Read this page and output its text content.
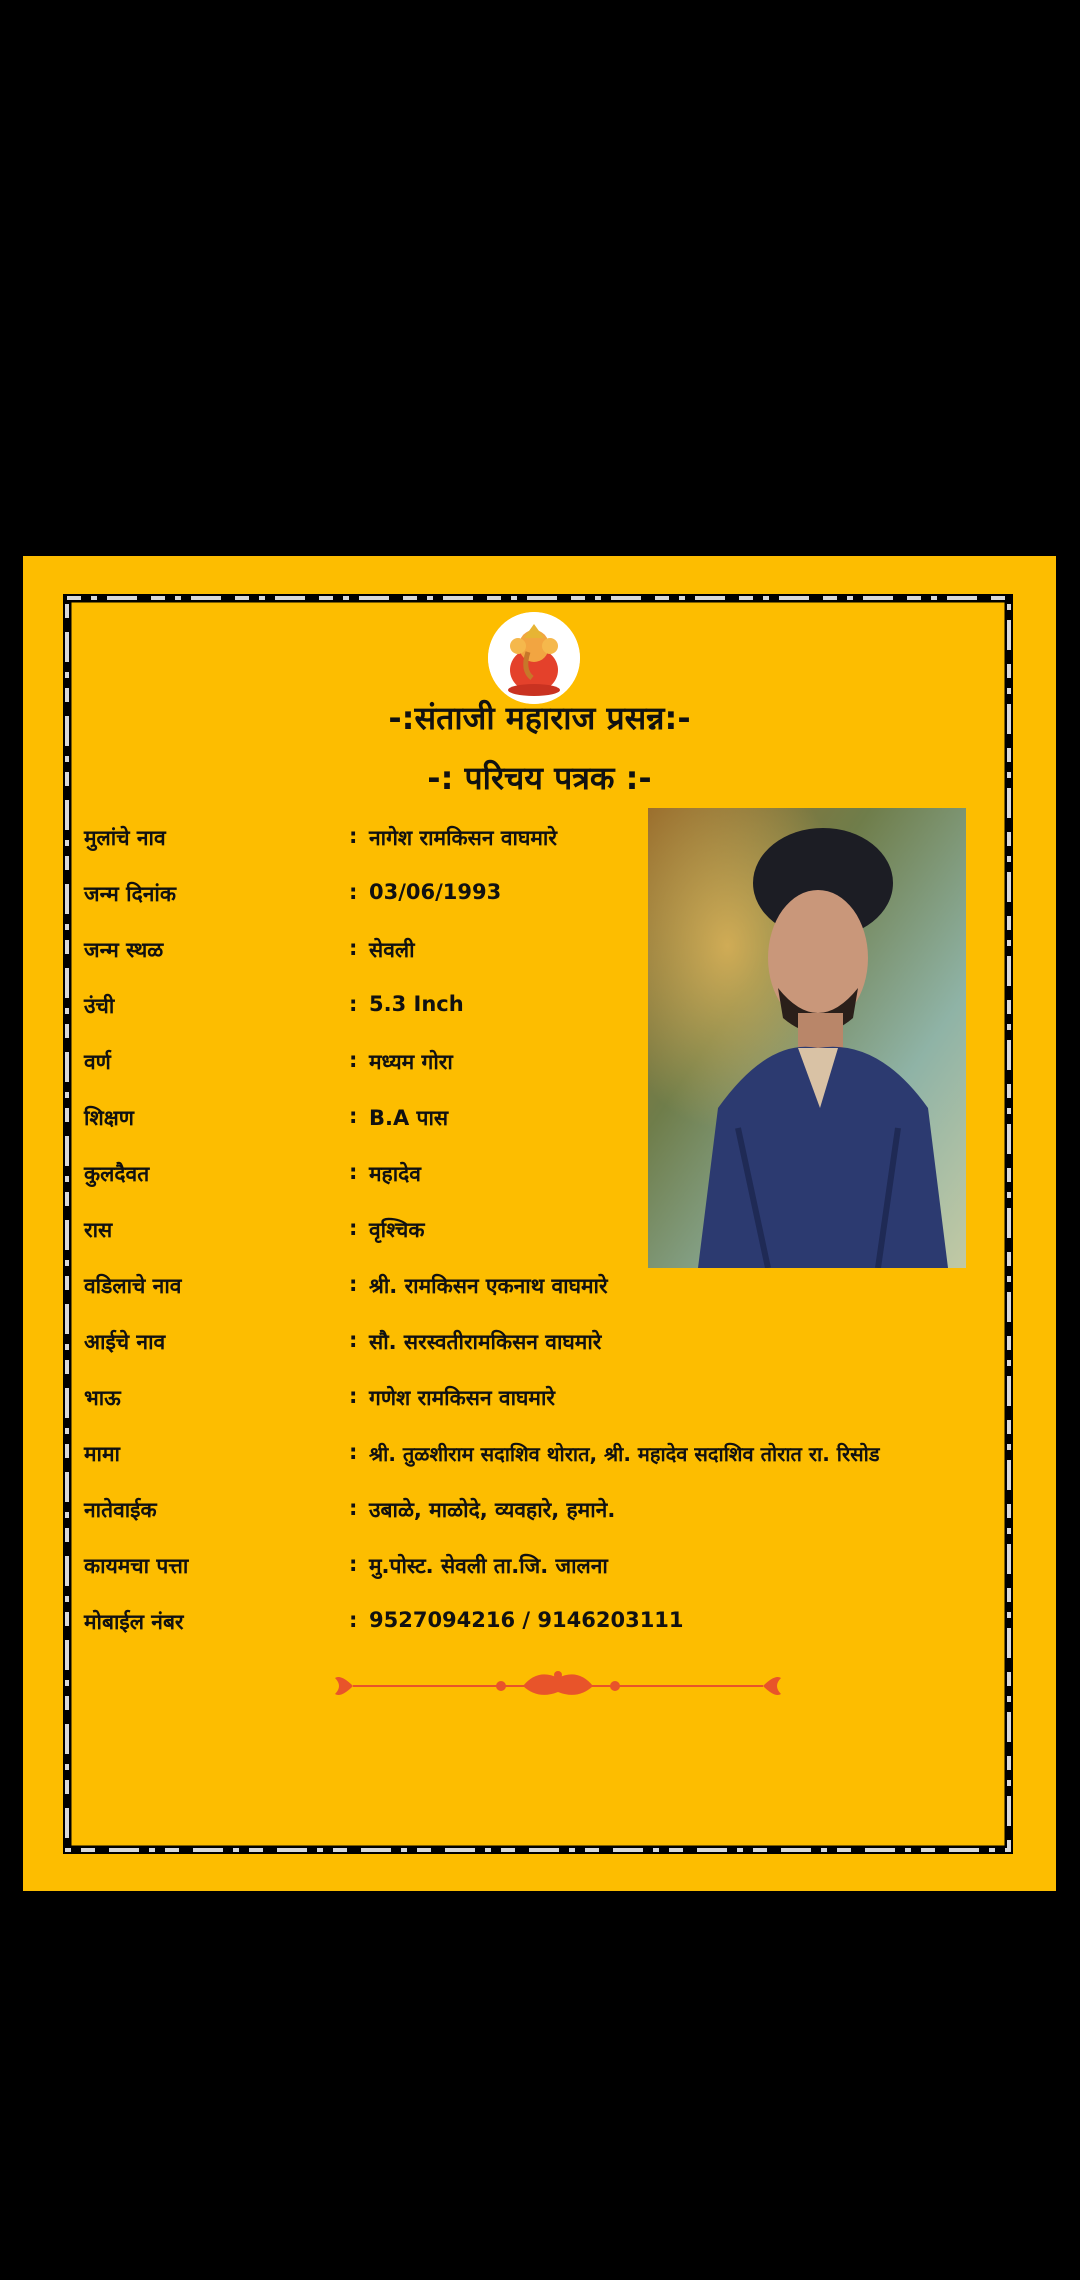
-:संताजी महाराज प्रसन्न:-
-: परिचय पत्रक :-
मुलांचे नाव	: नागेश रामकिसन वाघमारे
जन्म दिनांक	: 03/06/1993
जन्म स्थळ	: सेवली
उंची	: 5.3 Inch
वर्ण	: मध्यम गोरा
शिक्षण	: B.A पास
कुलदैवत	: महादेव
रास	: वृश्चिक
वडिलाचे नाव	: श्री. रामकिसन एकनाथ वाघमारे
आईचे नाव	: सौ. सरस्वतीरामकिसन वाघमारे
भाऊ	: गणेश रामकिसन वाघमारे
मामा	: श्री. तुळशीराम सदाशिव थोरात, श्री. महादेव सदाशिव तोरात रा. रिसोड
नातेवाईक	: उबाळे, माळोदे, व्यवहारे, हमाने.
कायमचा पत्ता	: मु.पोस्ट. सेवली ता.जि. जालना
मोबाईल नंबर	: 9527094216 / 9146203111
